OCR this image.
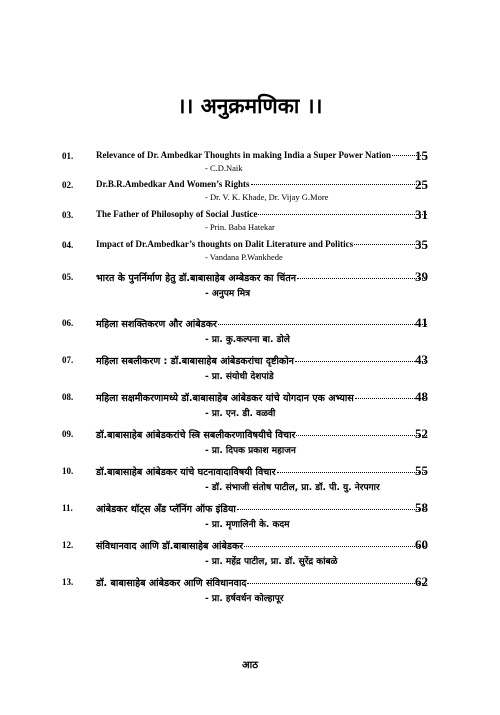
।। अनुक्रमणिका ।।
01.	Relevance of Dr. Ambedkar Thoughts in making India a Super Power Nation 15
- C.D.Naik
02.	Dr.B.R.Ambedkar And Women’s Rights	25
- Dr. V. K. Khade, Dr. Vijay G.More
03.	The Father of Philosophy of Social Justice	31
- Prin. Baba Hatekar
04.	Impact of Dr.Ambedkar’s thoughts on Dalit Literature and Politics	35
- Vandana P.Wankhede
05. भारत के पुनर्निर्माण हेतु डॉ.बाबासाहेब अम्बेडकर का चिंतन	39
- अनुपम मित्र
06. महिला सशक्तिकरण और आंबेडकर	41
- प्रा. कु.कल्पना बा. डोले
07. महिला सबलीकरण : डॉ.बाबासाहेब आंबेडकरांचा दृष्टीकोन	43
- प्रा. संयोधी देशपांडे
08. महिला सक्षमीकरणामध्ये डॉ.बाबासाहेब आंबेडकर यांचे योगदान एक अभ्यास	48
- प्रा. एन. डी. वळवी
09. डॉ.बाबासाहेब आंबेडकरांचे स्त्रि सबलीकरणाविषयीचे विचार	52
- प्रा. दिपक प्रकाश महाजन
10. डॉ.बाबासाहेब आंबेडकर यांचे घटनावादाविषयी विचार	55
- डॉ. संभाजी संतोष पाटील, प्रा. डॉ. पी. यु. नेरपगार
11. आंबेडकर थॉट्स अँड प्लॅनिंग ऑफ इंडिया	58
- प्रा. मृणालिनी के. कदम
12. संविधानवाद आणि डॉ.बाबासाहेब आंबेडकर	60
- प्रा. महेंद्र पाटील, प्रा. डॉ. सुरेंद्र कांबळे
13. डॉ. बाबासाहेब आंबेडकर आणि संविधानवाद	62
- प्रा. हर्षवर्धन कोल्हापूर
आठ
